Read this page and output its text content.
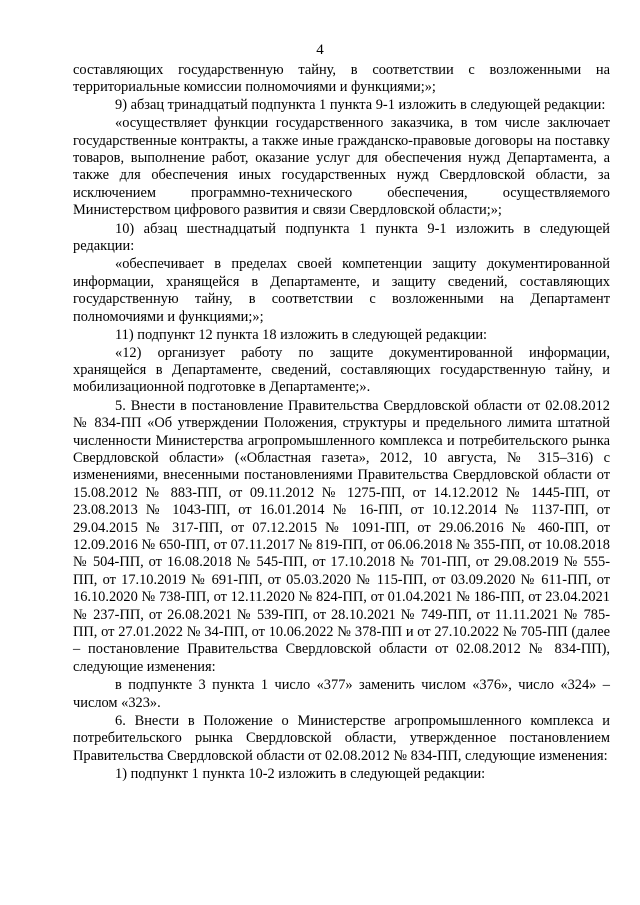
4

составляющих государственную тайну, в соответствии с возложенными на территориальные комиссии полномочиями и функциями;»;

9) абзац тринадцатый подпункта 1 пункта 9-1 изложить в следующей редакции:

«осуществляет функции государственного заказчика, в том числе заключает государственные контракты, а также иные гражданско-правовые договоры на поставку товаров, выполнение работ, оказание услуг для обеспечения нужд Департамента, а также для обеспечения иных государственных нужд Свердловской области, за исключением программно-технического обеспечения, осуществляемого Министерством цифрового развития и связи Свердловской области;»;

10) абзац шестнадцатый подпункта 1 пункта 9-1 изложить в следующей редакции:

«обеспечивает в пределах своей компетенции защиту документированной информации, хранящейся в Департаменте, и защиту сведений, составляющих государственную тайну, в соответствии с возложенными на Департамент полномочиями и функциями;»;

11) подпункт 12 пункта 18 изложить в следующей редакции:

«12) организует работу по защите документированной информации, хранящейся в Департаменте, сведений, составляющих государственную тайну, и мобилизационной подготовке в Департаменте;».

5. Внести в постановление Правительства Свердловской области от 02.08.2012 № 834-ПП «Об утверждении Положения, структуры и предельного лимита штатной численности Министерства агропромышленного комплекса и потребительского рынка Свердловской области» («Областная газета», 2012, 10 августа, № 315–316) с изменениями, внесенными постановлениями Правительства Свердловской области от 15.08.2012 № 883-ПП, от 09.11.2012 № 1275-ПП, от 14.12.2012 № 1445-ПП, от 23.08.2013 № 1043-ПП, от 16.01.2014 № 16-ПП, от 10.12.2014 № 1137-ПП, от 29.04.2015 № 317-ПП, от 07.12.2015 № 1091-ПП, от 29.06.2016 № 460-ПП, от 12.09.2016 № 650-ПП, от 07.11.2017 № 819-ПП, от 06.06.2018 № 355-ПП, от 10.08.2018 № 504-ПП, от 16.08.2018 № 545-ПП, от 17.10.2018 № 701-ПП, от 29.08.2019 № 555-ПП, от 17.10.2019 № 691-ПП, от 05.03.2020 № 115-ПП, от 03.09.2020 № 611-ПП, от 16.10.2020 № 738-ПП, от 12.11.2020 № 824-ПП, от 01.04.2021 № 186-ПП, от 23.04.2021 № 237-ПП, от 26.08.2021 № 539-ПП, от 28.10.2021 № 749-ПП, от 11.11.2021 № 785-ПП, от 27.01.2022 № 34-ПП, от 10.06.2022 № 378-ПП и от 27.10.2022 № 705-ПП (далее – постановление Правительства Свердловской области от 02.08.2012 № 834-ПП), следующие изменения:

в подпункте 3 пункта 1 число «377» заменить числом «376», число «324» – числом «323».

6. Внести в Положение о Министерстве агропромышленного комплекса и потребительского рынка Свердловской области, утвержденное постановлением Правительства Свердловской области от 02.08.2012 № 834-ПП, следующие изменения:

1) подпункт 1 пункта 10-2 изложить в следующей редакции:
